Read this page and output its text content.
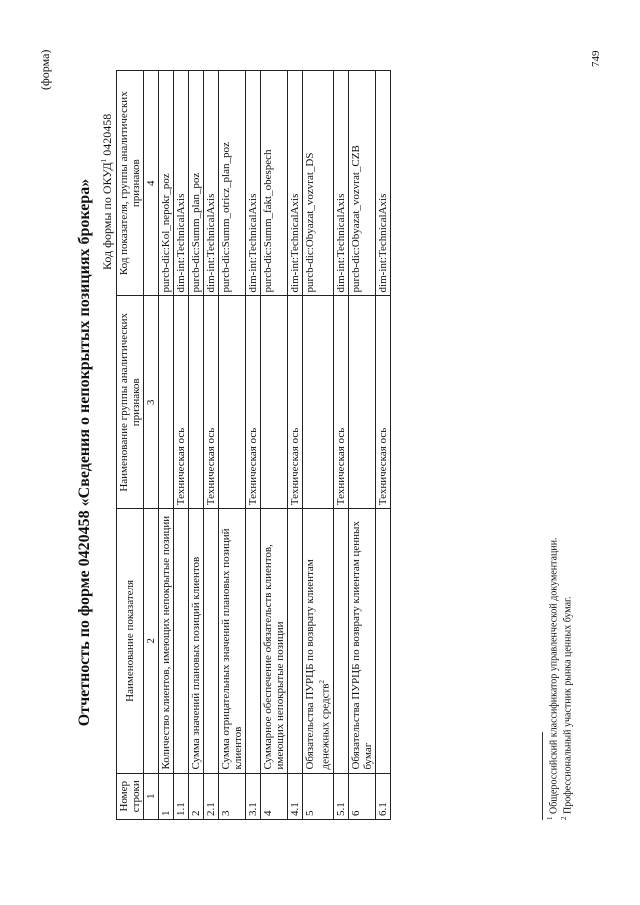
(форма)
Отчетность по форме 0420458 «Сведения о непокрытых позициях брокера» Код формы по ОКУД$^1$ 0420458
Номер строки	Наименование показателя	Наименование группы аналитических признаков	Код показателя, группы аналитических признаков
1	2	3	4
1	Количество клиентов, имеющих непокрытые позиции		purcb-dic:Kol_nepokr_poz
1.1		Техническая ось	dim-int:TechnicalAxis
2	Сумма значений плановых позиций клиентов		purcb-dic:Summ_plan_poz
2.1		Техническая ось	dim-int:TechnicalAxis
3	Сумма отрицательных значений плановых позиций клиентов		purcb-dic:Summ_otricz_plan_poz
3.1		Техническая ось	dim-int:TechnicalAxis
4	Суммарное обеспечение обязательств клиентов, имеющих непокрытые позиции		purcb-dic:Summ_fakt_obespech
4.1		Техническая ось	dim-int:TechnicalAxis
5	Обязательства ПУРЦБ по возврату клиентам денежных средств$^2$		purcb-dic:Obyazat_vozvrat_DS
5.1		Техническая ось	dim-int:TechnicalAxis
6	Обязательства ПУРЦБ по возврату клиентам ценных бумаг		purcb-dic:Obyazat_vozvrat_CZB
6.1		Техническая ось	dim-int:TechnicalAxis
$^1$ Общероссийский классификатор управленческой документации.
$^2$ Профессиональный участник рынка ценных бумаг.
749
